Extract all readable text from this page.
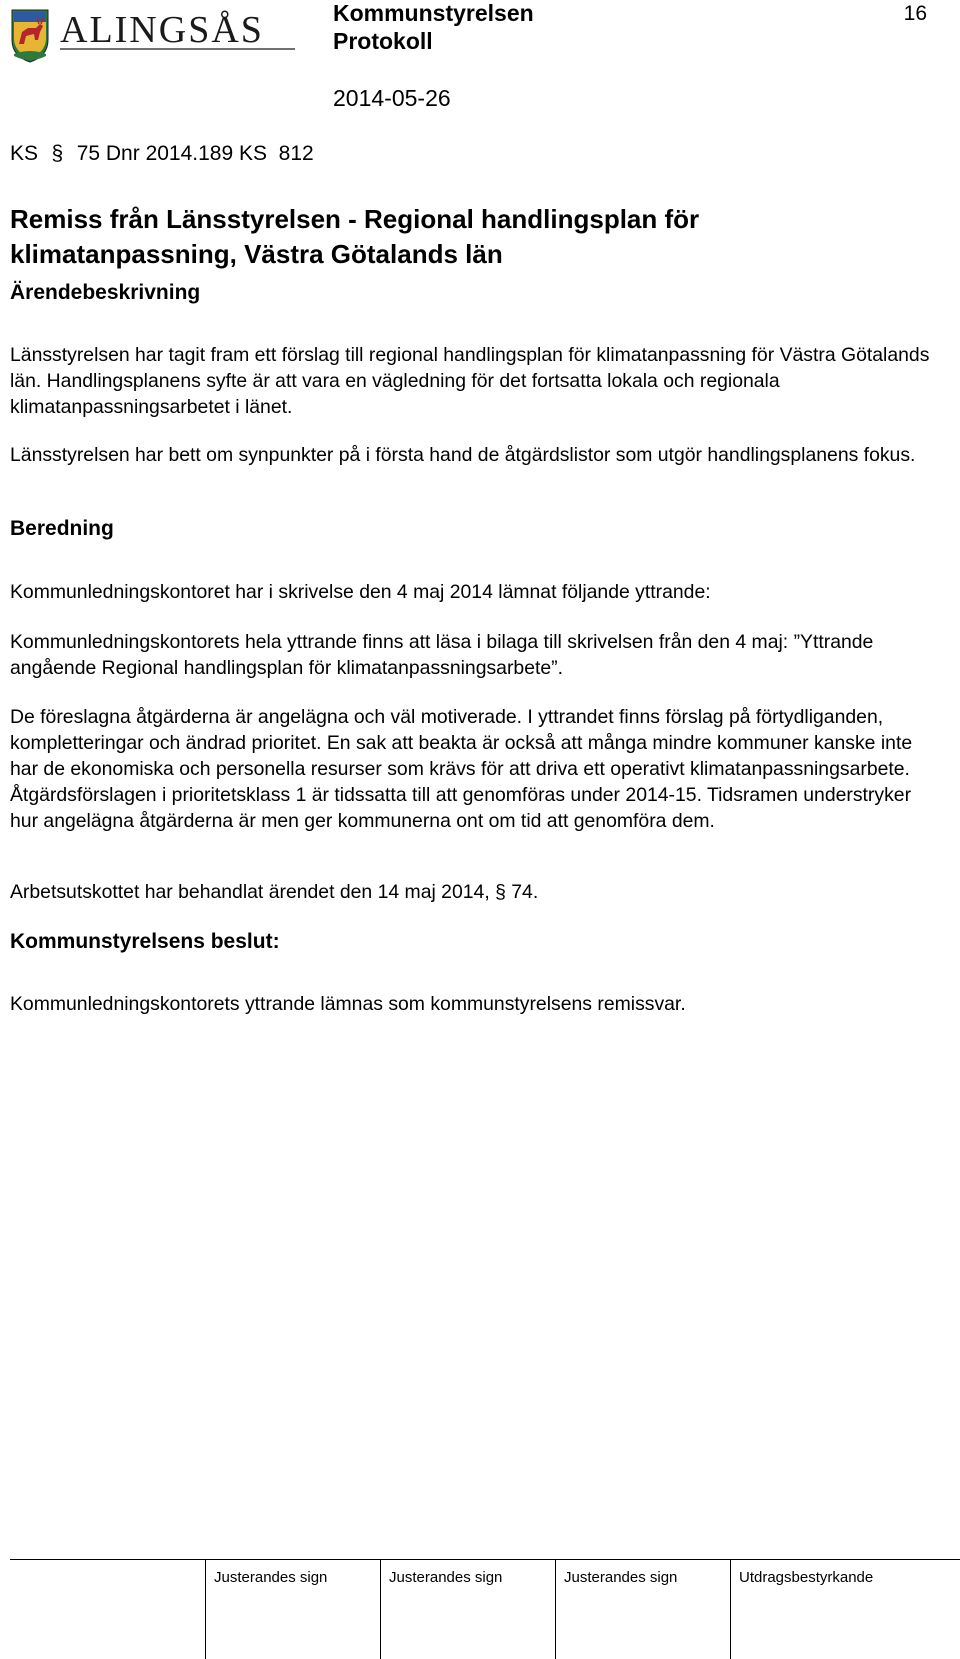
ALINGSÅS	Kommunstyrelsen
Protokoll
16
2014-05-26
KS § 75 Dnr 2014.189 KS  812
Remiss från Länsstyrelsen - Regional handlingsplan för klimatanpassning, Västra Götalands län
Ärendebeskrivning

Länsstyrelsen har tagit fram ett förslag till regional handlingsplan för klimatanpassning för Västra Götalands län. Handlingsplanens syfte är att vara en vägledning för det fortsatta lokala och regionala klimatanpassningsarbetet i länet.

Länsstyrelsen har bett om synpunkter på i första hand de åtgärdslistor som utgör handlingsplanens fokus.

Beredning

Kommunledningskontoret har i skrivelse den 4 maj 2014 lämnat följande yttrande:

Kommunledningskontorets hela yttrande finns att läsa i bilaga till skrivelsen från den 4 maj: ”Yttrande angående Regional handlingsplan för klimatanpassningsarbete”.

De föreslagna åtgärderna är angelägna och väl motiverade. I yttrandet finns förslag på förtydliganden, kompletteringar och ändrad prioritet. En sak att beakta är också att många mindre kommuner kanske inte har de ekonomiska och personella resurser som krävs för att driva ett operativt klimatanpassningsarbete. Åtgärdsförslagen i prioritetsklass 1 är tidssatta till att genomföras under 2014-15. Tidsramen understryker hur angelägna åtgärderna är men ger kommunerna ont om tid att genomföra dem.

Arbetsutskottet har behandlat ärendet den 14 maj 2014, § 74.

Kommunstyrelsens beslut:

Kommunledningskontorets yttrande lämnas som kommunstyrelsens remissvar.

Justerandes sign	Justerandes sign	Justerandes sign	Utdragsbestyrkande
